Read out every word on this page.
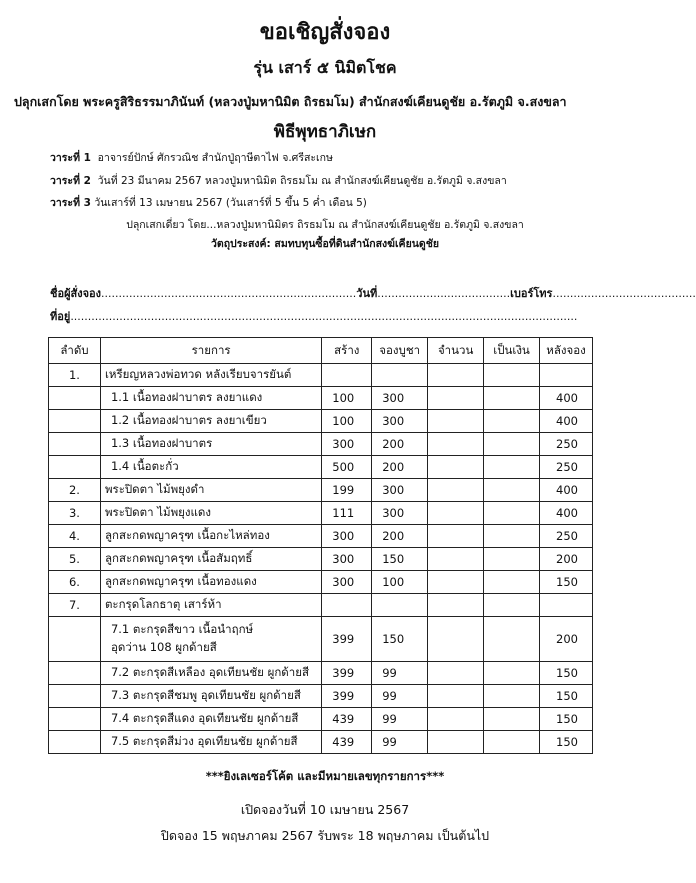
ขอเชิญสั่งจอง
รุ่น เสาร์ ๕ นิมิตโชค
ปลุกเสกโดย พระครูสิริธรรมาภินันท์ (หลวงปู่มหานิมิต ถิรธมโม) สำนักสงฆ์เคียนดูชัย อ.รัตภูมิ จ.สงขลา
พิธีพุทธาภิเษก
วาระที่ 1 อาจารย์ปักษ์ ศักรวณิช สำนักปู่ฤาษีตาไฟ จ.ศรีสะเกษ
วาระที่ 2 วันที่ 23 มีนาคม 2567 หลวงปู่มหานิมิต ถิรธมโม ณ สำนักสงฆ์เคียนดูชัย อ.รัตภูมิ จ.สงขลา
วาระที่ 3 วันเสาร์ที่ 13 เมษายน 2567 (วันเสาร์ที่ 5 ขึ้น 5 ค่ำ เดือน 5)
ปลุกเสกเดี่ยว โดย...หลวงปู่มหานิมิตร ถิรธมโม ณ สำนักสงฆ์เคียนดูชัย อ.รัตภูมิ จ.สงขลา
วัตถุประสงค์: สมทบทุนซื้อที่ดินสำนักสงฆ์เคียนดูชัย
ชื่อผู้สั่งจอง.........................................................................วันที่......................................เบอร์โทร.........................................
ที่อยู่.................................................................................................................................................
ลำดับ	รายการ	สร้าง	จองบูชา	จำนวน	เป็นเงิน	หลังจอง
1.	เหรียญหลวงพ่อทวด หลังเรียบจารยันต์					
	1.1 เนื้อทองฝาบาตร ลงยาแดง	100	300			400
	1.2 เนื้อทองฝาบาตร ลงยาเขียว	100	300			400
	1.3 เนื้อทองฝาบาตร	300	200			250
	1.4 เนื้อตะกั่ว	500	200			250
2.	พระปิดตา ไม้พยุงดำ	199	300			400
3.	พระปิดตา ไม้พยุงแดง	111	300			400
4.	ลูกสะกดพญาครุฑ เนื้อกะไหล่ทอง	300	200			250
5.	ลูกสะกดพญาครุฑ เนื้อสัมฤทธิ์	300	150			200
6.	ลูกสะกดพญาครุฑ เนื้อทองแดง	300	100			150
7.	ตะกรุดโลกธาตุ เสาร์ห้า					

	7.1 ตะกรุดสีขาว เนื้อนำฤกษ์
อุดว่าน 108 ผูกด้ายสี	399	150			200
	7.2 ตะกรุดสีเหลือง อุดเทียนชัย ผูกด้ายสี	399	99			150
	7.3 ตะกรุดสีชมพู อุดเทียนชัย ผูกด้ายสี	399	99			150
	7.4 ตะกรุดสีแดง อุดเทียนชัย ผูกด้ายสี	439	99			150
	7.5 ตะกรุดสีม่วง อุดเทียนชัย ผูกด้ายสี	439	99			150
***ยิงเลเซอร์โค้ต และมีหมายเลขทุกรายการ***
เปิดจองวันที่ 10 เมษายน 2567
ปิดจอง 15 พฤษภาคม 2567 รับพระ 18 พฤษภาคม เป็นต้นไป
